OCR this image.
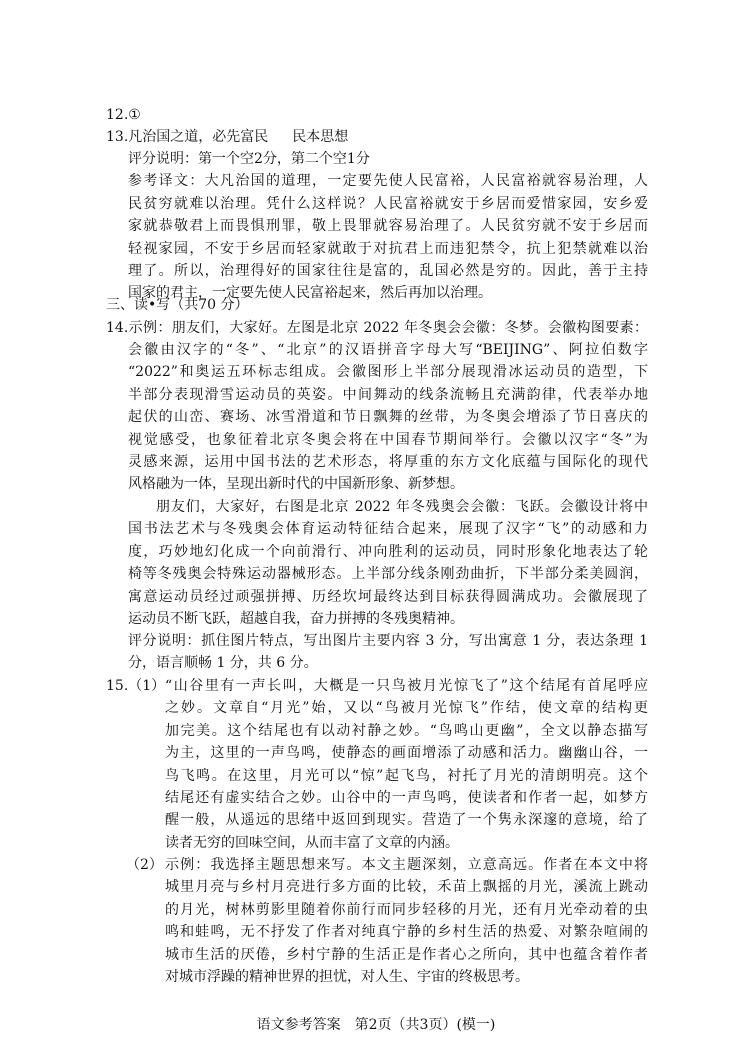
12.①
13.凡治国之道，必先富民 民本思想
评分说明：第一个空2分，第二个空1分
参考译文：大凡治国的道理，一定要先使人民富裕，人民富裕就容易治理，人
民贫穷就难以治理。凭什么这样说？人民富裕就安于乡居而爱惜家园，安乡爱
家就恭敬君上而畏惧刑罪，敬上畏罪就容易治理了。人民贫穷就不安于乡居而
轻视家园，不安于乡居而轻家就敢于对抗君上而违犯禁令，抗上犯禁就难以治
理了。所以，治理得好的国家往往是富的，乱国必然是穷的。因此，善于主持
国家的君主，一定要先使人民富裕起来，然后再加以治理。
三、读•写（共70 分）
14.示例：朋友们，大家好。左图是北京 2022 年冬奥会会徽：冬梦。会徽构图要素：
会徽由汉字的“冬”、“北京”的汉语拼音字母大写“BEIJING”、阿拉伯数字
“2022”和奥运五环标志组成。会徽图形上半部分展现滑冰运动员的造型，下
半部分表现滑雪运动员的英姿。中间舞动的线条流畅且充满韵律，代表举办地
起伏的山峦、赛场、冰雪滑道和节日飘舞的丝带，为冬奥会增添了节日喜庆的
视觉感受，也象征着北京冬奥会将在中国春节期间举行。会徽以汉字“冬”为
灵感来源，运用中国书法的艺术形态，将厚重的东方文化底蕴与国际化的现代
风格融为一体，呈现出新时代的中国新形象、新梦想。
朋友们，大家好，右图是北京 2022 年冬残奥会会徽：飞跃。会徽设计将中
国书法艺术与冬残奥会体育运动特征结合起来，展现了汉字“飞”的动感和力
度，巧妙地幻化成一个向前滑行、冲向胜利的运动员，同时形象化地表达了轮
椅等冬残奥会特殊运动器械形态。上半部分线条刚劲曲折，下半部分柔美圆润，
寓意运动员经过顽强拼搏、历经坎坷最终达到目标获得圆满成功。会徽展现了
运动员不断飞跃，超越自我，奋力拼搏的冬残奥精神。
评分说明：抓住图片特点，写出图片主要内容 3 分，写出寓意 1 分，表达条理 1 分，语言顺畅 1 分，共 6 分。
15.（1） “山谷里有一声长叫，大概是一只鸟被月光惊飞了”这个结尾有首尾呼应
之妙。文章自“月光”始，又以“鸟被月光惊飞”作结，使文章的结构更
加完美。这个结尾也有以动衬静之妙。“鸟鸣山更幽”，全文以静态描写
为主，这里的一声鸟鸣，使静态的画面增添了动感和活力。幽幽山谷，一
鸟飞鸣。在这里，月光可以“惊”起飞鸟，衬托了月光的清朗明亮。这个
结尾还有虚实结合之妙。山谷中的一声鸟鸣，使读者和作者一起，如梦方
醒一般，从遥远的思绪中返回到现实。营造了一个隽永深邃的意境，给了
读者无穷的回味空间，从而丰富了文章的内涵。
（2） 示例：我选择主题思想来写。本文主题深刻，立意高远。作者在本文中将
城里月亮与乡村月亮进行多方面的比较，禾苗上飘摇的月光，溪流上跳动
的月光，树林剪影里随着你前行而同步轻移的月光，还有月光牵动着的虫
鸣和蛙鸣，无不抒发了作者对纯真宁静的乡村生活的热爱、对繁杂喧闹的
城市生活的厌倦，乡村宁静的生活正是作者心之所向，其中也蕴含着作者
对城市浮躁的精神世界的担忧，对人生、宇宙的终极思考。
语文参考答案　第2页（共3页）(模一)
